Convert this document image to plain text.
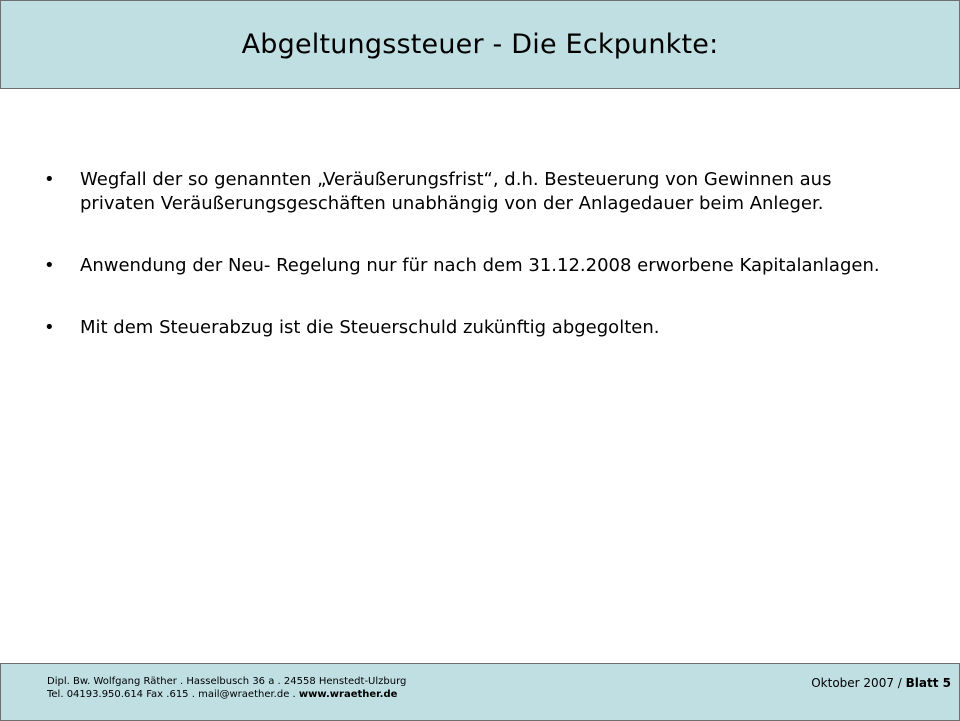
Abgeltungssteuer - Die Eckpunkte:
• Wegfall der so genannten „Veräußerungsfrist“, d.h. Besteuerung von Gewinnen aus privaten Veräußerungsgeschäften unabhängig von der Anlagedauer beim Anleger.
• Anwendung der Neu- Regelung nur für nach dem 31.12.2008 erworbene Kapitalanlagen.
• Mit dem Steuerabzug ist die Steuerschuld zukünftig abgegolten.
Dipl. Bw. Wolfgang Räther . Hasselbusch 36 a . 24558 Henstedt-Ulzburg
Tel. 04193.950.614 Fax .615 . mail@wraether.de . www.wraether.de
Oktober 2007 / Blatt 5
